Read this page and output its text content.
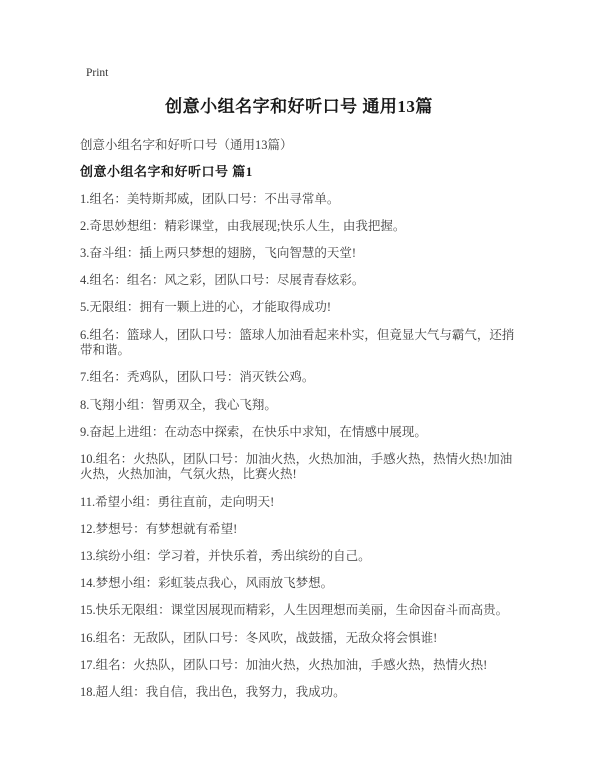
Print
创意小组名字和好听口号 通用13篇

创意小组名字和好听口号（通用13篇）

创意小组名字和好听口号 篇1

1.组名：美特斯邦威，团队口号：不出寻常单。

2.奇思妙想组：精彩课堂，由我展现;快乐人生，由我把握。

3.奋斗组：插上两只梦想的翅膀，飞向智慧的天堂!

4.组名：组名：风之彩，团队口号：尽展青春炫彩。

5.无限组：拥有一颗上进的心，才能取得成功!

6.组名：篮球人，团队口号：篮球人加油看起来朴实，但竟显大气与霸气，还捎带和谐。

7.组名：秃鸡队，团队口号：消灭铁公鸡。

8.飞翔小组：智勇双全，我心飞翔。

9.奋起上进组：在动态中探索，在快乐中求知，在情感中展现。

10.组名：火热队，团队口号：加油火热，火热加油，手感火热，热情火热!加油火热，火热加油，气氛火热，比赛火热!

11.希望小组：勇往直前，走向明天!

12.梦想号：有梦想就有希望!

13.缤纷小组：学习着，并快乐着，秀出缤纷的自己。

14.梦想小组：彩虹装点我心，风雨放飞梦想。

15.快乐无限组：课堂因展现而精彩，人生因理想而美丽，生命因奋斗而高贵。

16.组名：无敌队，团队口号：冬风吹，战鼓擂，无敌众将会惧谁!

17.组名：火热队，团队口号：加油火热，火热加油，手感火热，热情火热!

18.超人组：我自信，我出色，我努力，我成功。
